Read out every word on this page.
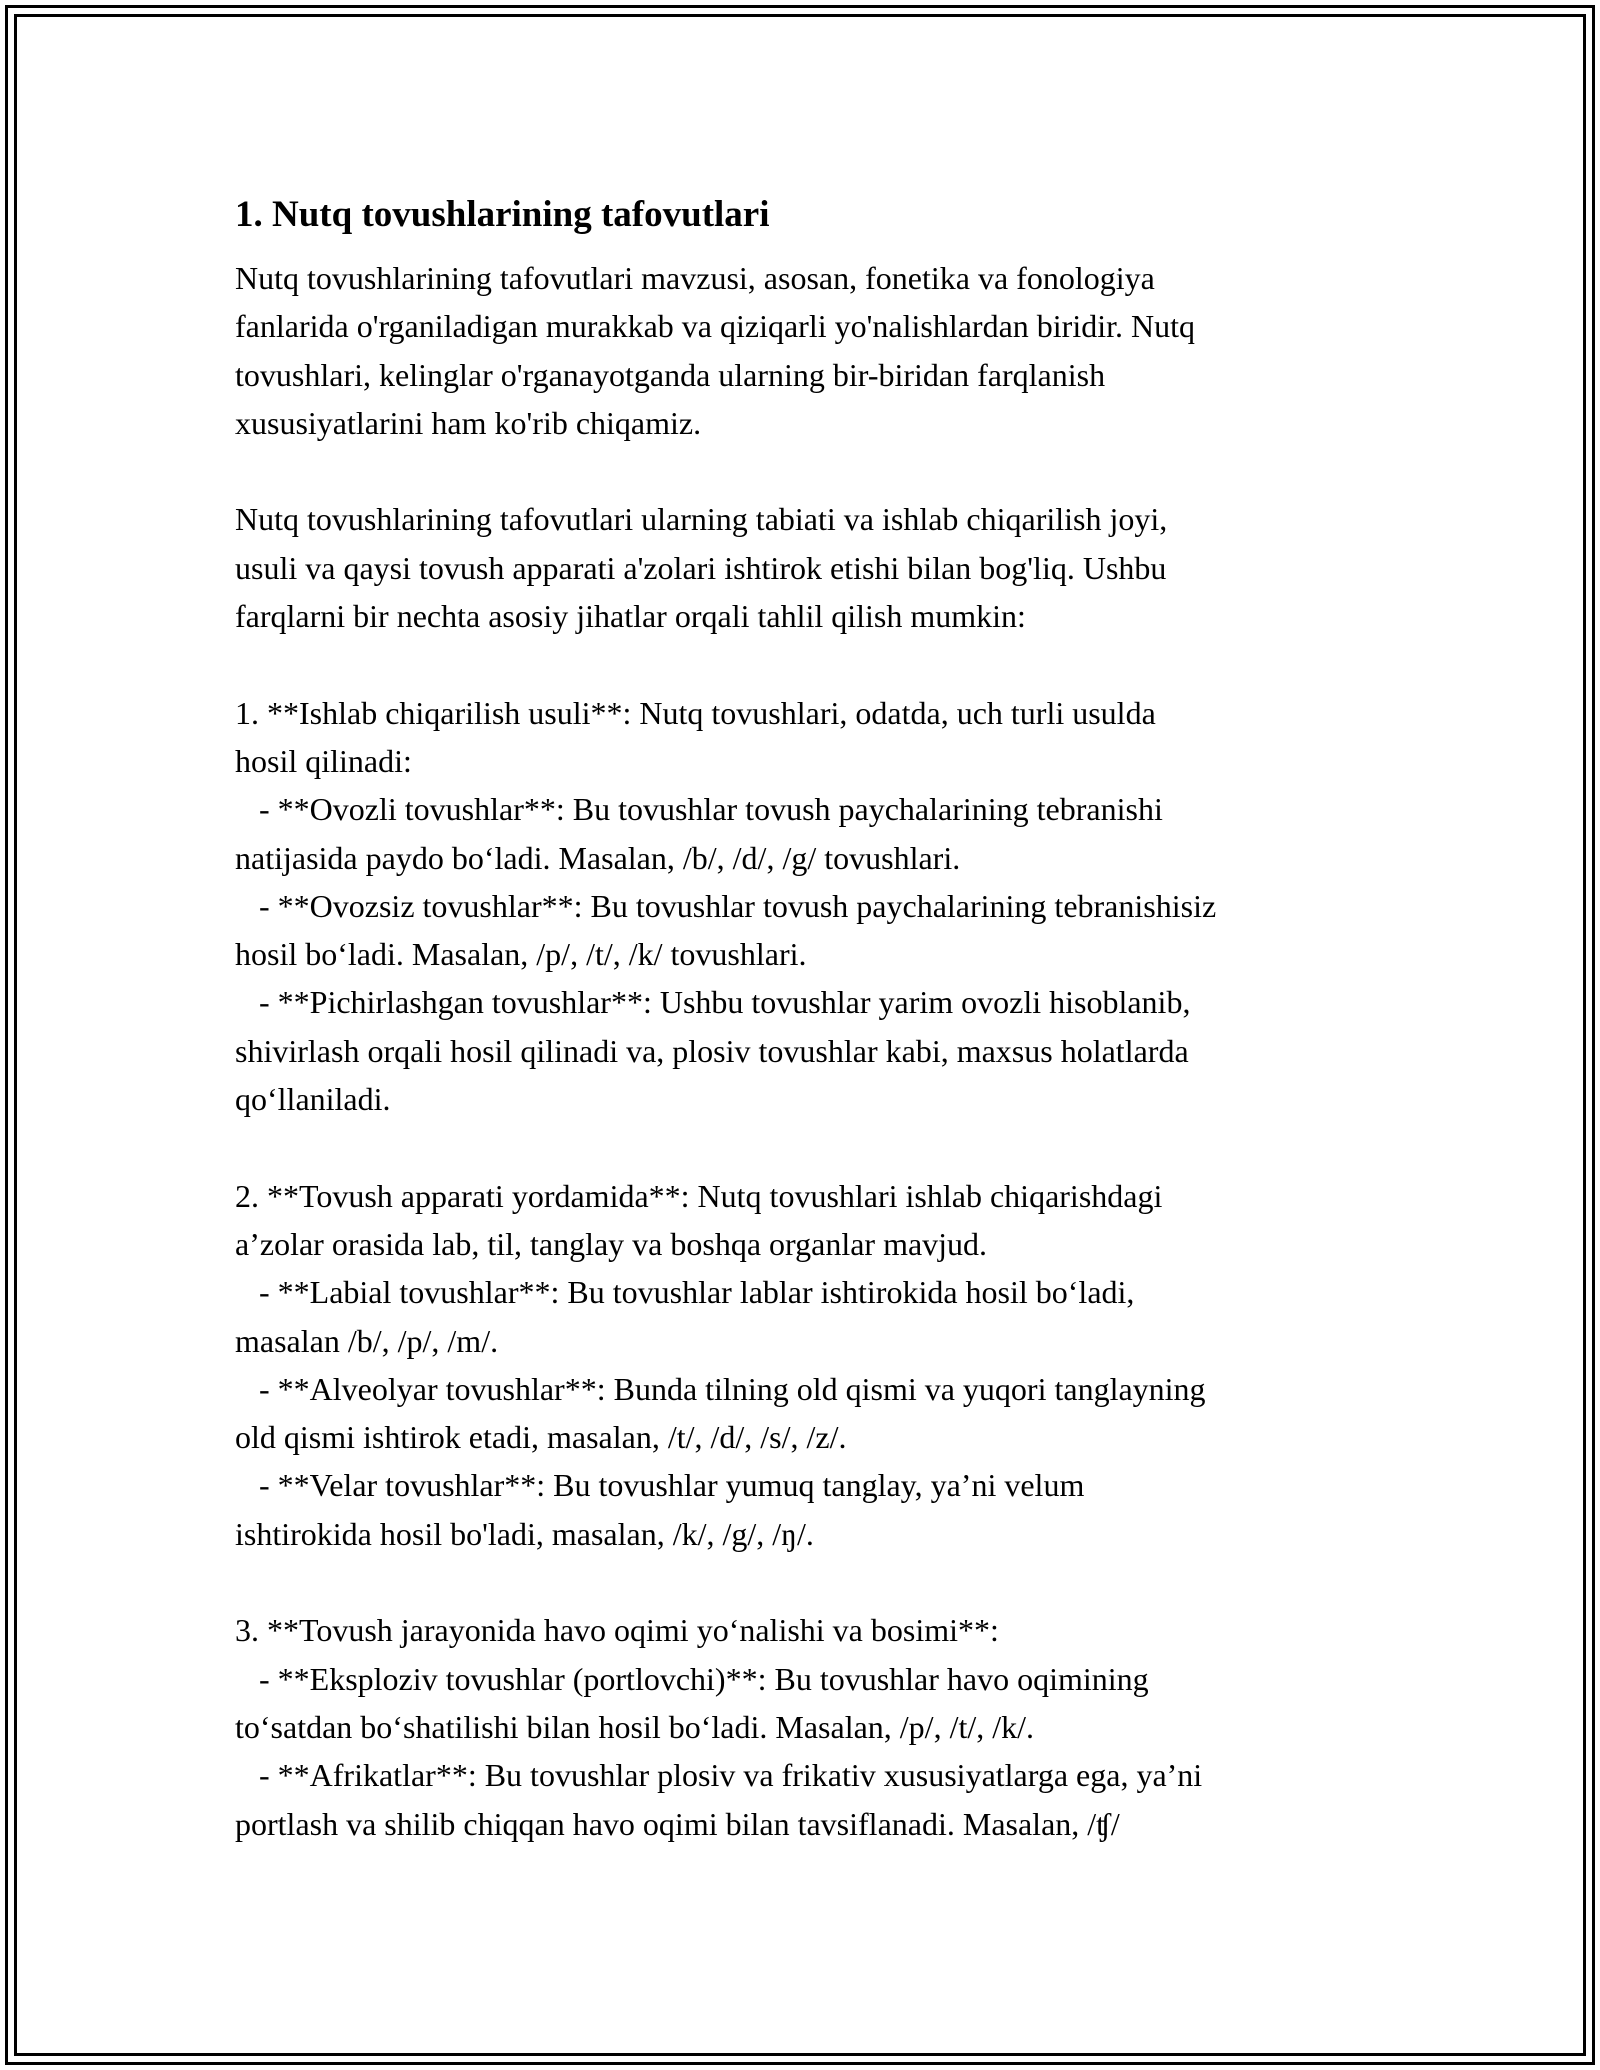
1. Nutq tovushlarining tafovutlari

Nutq tovushlarining tafovutlari mavzusi, asosan, fonetika va fonologiya
fanlarida o'rganiladigan murakkab va qiziqarli yo'nalishlardan biridir. Nutq
tovushlari, kelinglar o'rganayotganda ularning bir-biridan farqlanish
xususiyatlarini ham ko'rib chiqamiz.

Nutq tovushlarining tafovutlari ularning tabiati va ishlab chiqarilish joyi,
usuli va qaysi tovush apparati a'zolari ishtirok etishi bilan bog'liq. Ushbu
farqlarni bir nechta asosiy jihatlar orqali tahlil qilish mumkin:

1. **Ishlab chiqarilish usuli**: Nutq tovushlari, odatda, uch turli usulda
hosil qilinadi:
- **Ovozli tovushlar**: Bu tovushlar tovush paychalarining tebranishi
natijasida paydo bo‘ladi. Masalan, /b/, /d/, /g/ tovushlari.
- **Ovozsiz tovushlar**: Bu tovushlar tovush paychalarining tebranishisiz
hosil bo‘ladi. Masalan, /p/, /t/, /k/ tovushlari.
- **Pichirlashgan tovushlar**: Ushbu tovushlar yarim ovozli hisoblanib,
shivirlash orqali hosil qilinadi va, plosiv tovushlar kabi, maxsus holatlarda
qo‘llaniladi.

2. **Tovush apparati yordamida**: Nutq tovushlari ishlab chiqarishdagi
a’zolar orasida lab, til, tanglay va boshqa organlar mavjud.
- **Labial tovushlar**: Bu tovushlar lablar ishtirokida hosil bo‘ladi,
masalan /b/, /p/, /m/.
- **Alveolyar tovushlar**: Bunda tilning old qismi va yuqori tanglayning
old qismi ishtirok etadi, masalan, /t/, /d/, /s/, /z/.
- **Velar tovushlar**: Bu tovushlar yumuq tanglay, ya’ni velum
ishtirokida hosil bo'ladi, masalan, /k/, /g/, /ŋ/.

3. **Tovush jarayonida havo oqimi yo‘nalishi va bosimi**:
- **Eksploziv tovushlar (portlovchi)**: Bu tovushlar havo oqimining
to‘satdan bo‘shatilishi bilan hosil bo‘ladi. Masalan, /p/, /t/, /k/.
- **Afrikatlar**: Bu tovushlar plosiv va frikativ xususiyatlarga ega, ya’ni
portlash va shilib chiqqan havo oqimi bilan tavsiflanadi. Masalan, /ʧ/
